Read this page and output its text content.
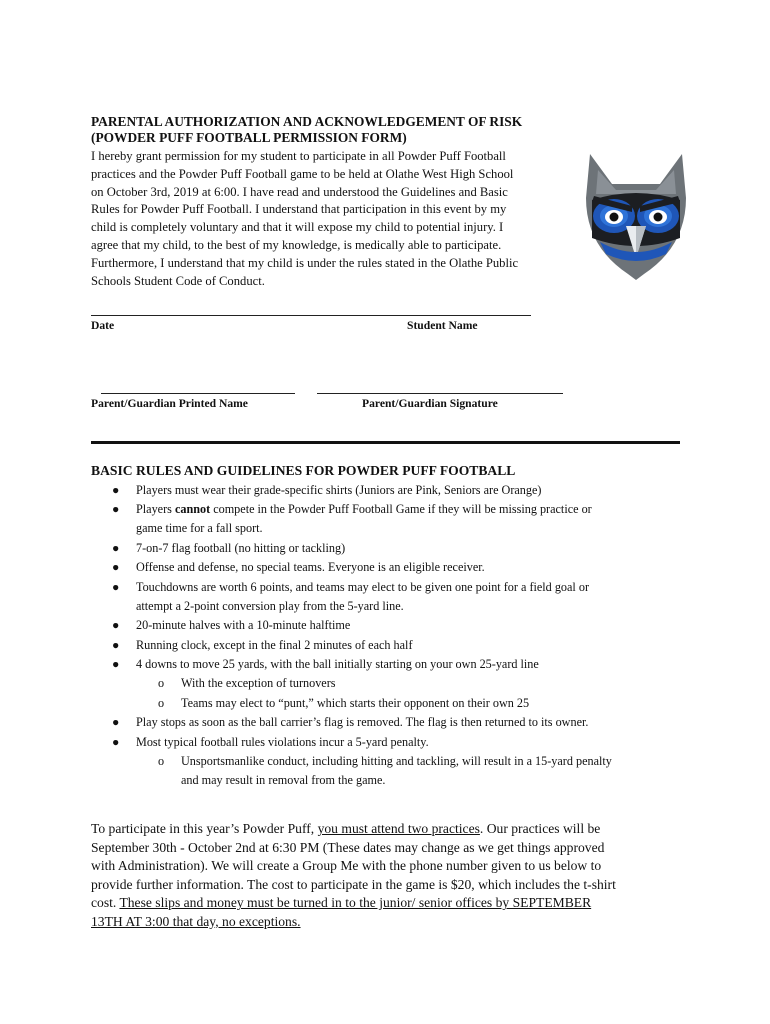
PARENTAL AUTHORIZATION AND ACKNOWLEDGEMENT OF RISK
(POWDER PUFF FOOTBALL PERMISSION FORM)
I hereby grant permission for my student to participate in all Powder Puff Football
practices and the Powder Puff Football game to be held at Olathe West High School
on October 3rd, 2019 at 6:00. I have read and understood the Guidelines and Basic
Rules for Powder Puff Football. I understand that participation in this event by my
child is completely voluntary and that it will expose my child to potential injury. I
agree that my child, to the best of my knowledge, is medically able to participate.
Furthermore, I understand that my child is under the rules stated in the Olathe Public
Schools Student Code of Conduct.
Date	Student Name
Parent/Guardian Printed Name	Parent/Guardian Signature
BASIC RULES AND GUIDELINES FOR POWDER PUFF FOOTBALL
● Players must wear their grade-specific shirts (Juniors are Pink, Seniors are Orange)
● Players cannot compete in the Powder Puff Football Game if they will be missing practice or
game time for a fall sport.
● 7-on-7 flag football (no hitting or tackling)
● Offense and defense, no special teams. Everyone is an eligible receiver.
● Touchdowns are worth 6 points, and teams may elect to be given one point for a field goal or
attempt a 2-point conversion play from the 5-yard line.
● 20-minute halves with a 10-minute halftime
● Running clock, except in the final 2 minutes of each half
● 4 downs to move 25 yards, with the ball initially starting on your own 25-yard line
o With the exception of turnovers
o Teams may elect to “punt,” which starts their opponent on their own 25
● Play stops as soon as the ball carrier’s flag is removed. The flag is then returned to its owner.
● Most typical football rules violations incur a 5-yard penalty.
o Unsportsmanlike conduct, including hitting and tackling, will result in a 15-yard penalty
and may result in removal from the game.
To participate in this year’s Powder Puff, you must attend two practices. Our practices will be
September 30th - October 2nd at 6:30 PM (These dates may change as we get things approved
with Administration). We will create a Group Me with the phone number given to us below to
provide further information. The cost to participate in the game is $20, which includes the t-shirt
cost. These slips and money must be turned in to the junior/ senior offices by SEPTEMBER
13TH AT 3:00 that day, no exceptions.
